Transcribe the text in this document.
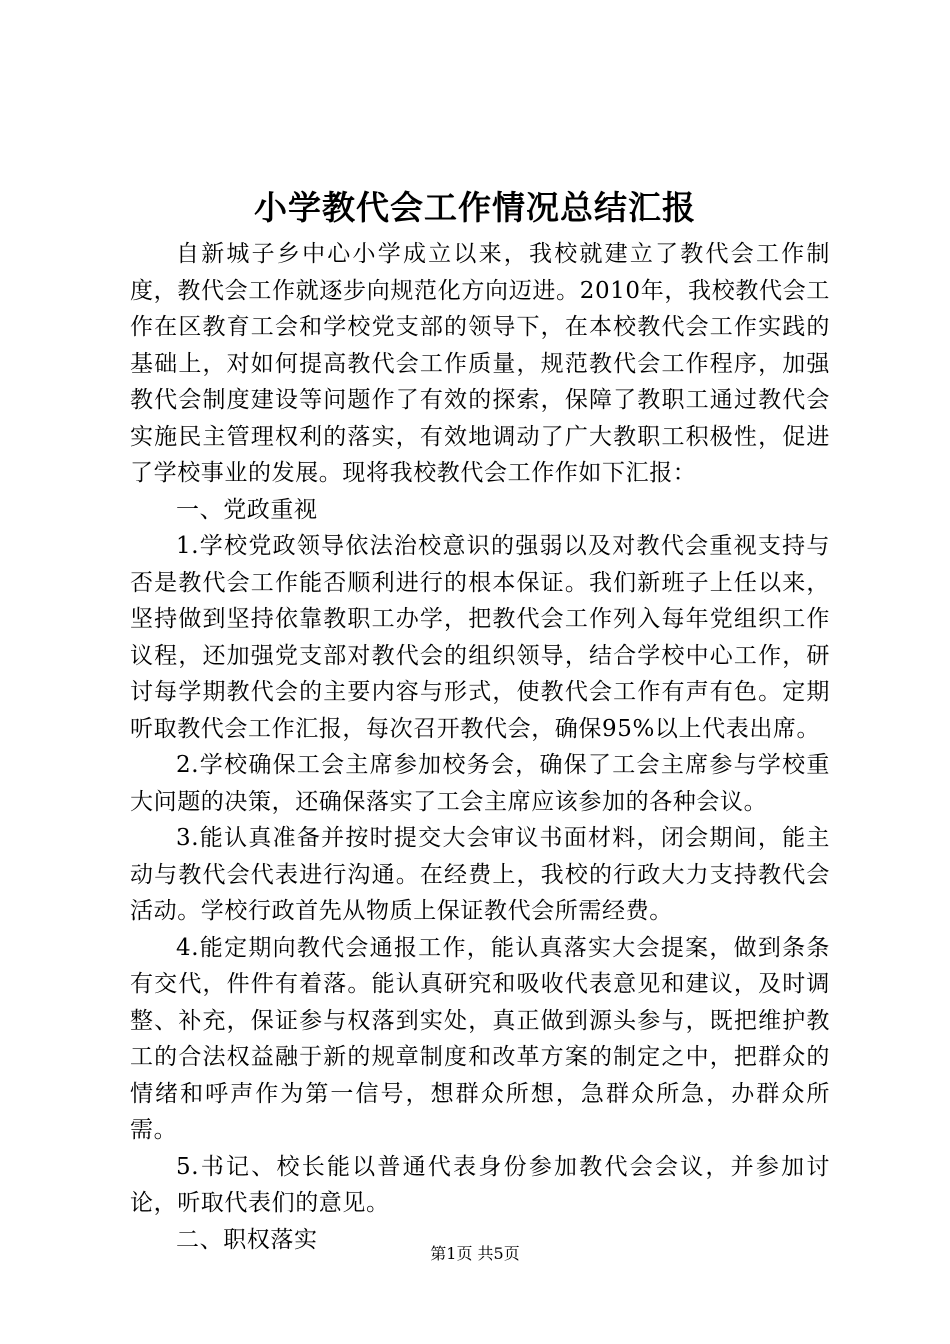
小学教代会工作情况总结汇报

自新城子乡中心小学成立以来，我校就建立了教代会工作制度，教代会工作就逐步向规范化方向迈进。2010年，我校教代会工作在区教育工会和学校党支部的领导下，在本校教代会工作实践的基础上，对如何提高教代会工作质量，规范教代会工作程序，加强教代会制度建设等问题作了有效的探索，保障了教职工通过教代会实施民主管理权利的落实，有效地调动了广大教职工积极性，促进了学校事业的发展。现将我校教代会工作作如下汇报：

一、党政重视

1.学校党政领导依法治校意识的强弱以及对教代会重视支持与否是教代会工作能否顺利进行的根本保证。我们新班子上任以来，坚持做到坚持依靠教职工办学，把教代会工作列入每年党组织工作议程，还加强党支部对教代会的组织领导，结合学校中心工作，研讨每学期教代会的主要内容与形式，使教代会工作有声有色。定期听取教代会工作汇报，每次召开教代会，确保95%以上代表出席。

2.学校确保工会主席参加校务会，确保了工会主席参与学校重大问题的决策，还确保落实了工会主席应该参加的各种会议。

3.能认真准备并按时提交大会审议书面材料，闭会期间，能主动与教代会代表进行沟通。在经费上，我校的行政大力支持教代会活动。学校行政首先从物质上保证教代会所需经费。

4.能定期向教代会通报工作，能认真落实大会提案，做到条条有交代，件件有着落。能认真研究和吸收代表意见和建议，及时调整、补充，保证参与权落到实处，真正做到源头参与，既把维护教工的合法权益融于新的规章制度和改革方案的制定之中，把群众的情绪和呼声作为第一信号，想群众所想，急群众所急，办群众所需。

5.书记、校长能以普通代表身份参加教代会会议，并参加讨论，听取代表们的意见。

二、职权落实

第1页 共5页
